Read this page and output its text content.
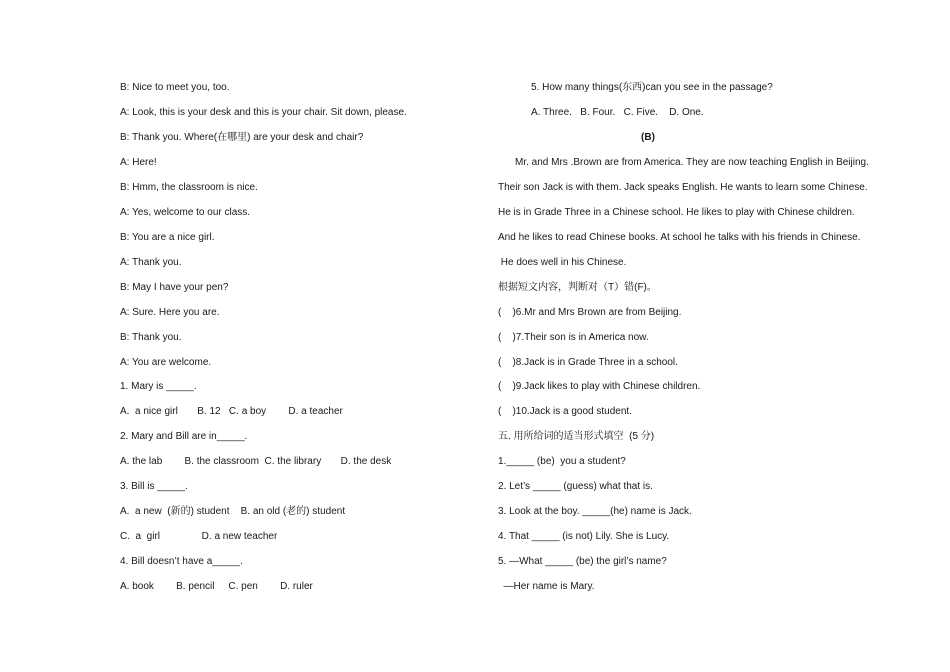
B: Nice to meet you, too.
A: Look, this is your desk and this is your chair. Sit down, please.
B: Thank you. Where(在哪里) are your desk and chair?
A: Here!
B: Hmm, the classroom is nice.
A: Yes, welcome to our class.
B: You are a nice girl.
A: Thank you.
B: May I have your pen?
A: Sure. Here you are.
B: Thank you.
A: You are welcome.
1. Mary is _____.
A.  a nice girl       B. 12   C. a boy        D. a teacher
2. Mary and Bill are in_____.
A. the lab        B. the classroom  C. the library       D. the desk
3. Bill is _____.
A.  a new  (新的) student    B. an old (老的) student
C.  a  girl               D. a new teacher
4. Bill doesn’t have a_____.
A. book        B. pencil     C. pen        D. ruler
5. How many things(东西)can you see in the passage?
A. Three.   B. Four.   C. Five.    D. One.
(B)
Mr. and Mrs .Brown are from America. They are now teaching English in Beijing.
Their son Jack is with them. Jack speaks English. He wants to learn some Chinese.
He is in Grade Three in a Chinese school. He likes to play with Chinese children.
And he likes to read Chinese books. At school he talks with his friends in Chinese.
He does well in his Chinese.
根据短文内容，判断对（T）错(F)。
(    )6.Mr and Mrs Brown are from Beijing.
(    )7.Their son is in America now.
(    )8.Jack is in Grade Three in a school.
(    )9.Jack likes to play with Chinese children.
(    )10.Jack is a good student.
五. 用所给词的适当形式填空  (5 分)
1._____ (be)  you a student?
2. Let’s _____ (guess) what that is.
3. Look at the boy. _____(he) name is Jack.
4. That _____ (is not) Lily. She is Lucy.
5. —What _____ (be) the girl’s name?
—Her name is Mary.
